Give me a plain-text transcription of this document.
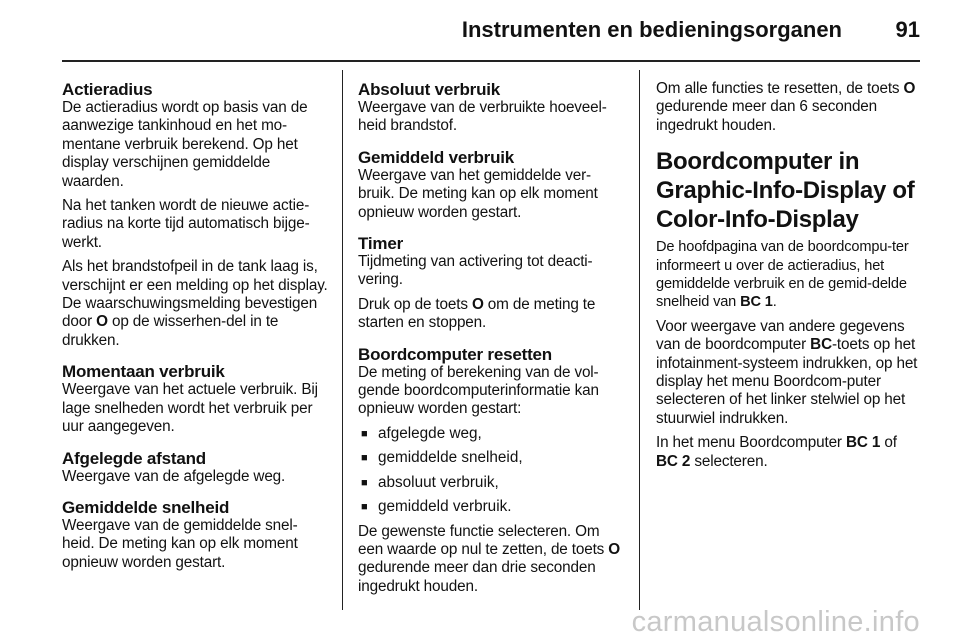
Instrumenten en bedieningsorganen 91
Actieradius

De actieradius wordt op basis van de aanwezige tankinhoud en het mo-mentane verbruik berekend. Op het display verschijnen gemiddelde waarden.

Na het tanken wordt de nieuwe actie-radius na korte tijd automatisch bijge-werkt.

Als het brandstofpeil in de tank laag is, verschijnt er een melding op het display. De waarschuwingsmelding bevestigen door O op de wisserhen-del in te drukken.

Momentaan verbruik

Weergave van het actuele verbruik. Bij lage snelheden wordt het verbruik per uur aangegeven.

Afgelegde afstand

Weergave van de afgelegde weg.

Gemiddelde snelheid

Weergave van de gemiddelde snel-heid. De meting kan op elk moment opnieuw worden gestart.

Absoluut verbruik

Weergave van de verbruikte hoeveel-heid brandstof.

Gemiddeld verbruik

Weergave van het gemiddelde ver-bruik. De meting kan op elk moment opnieuw worden gestart.

Timer

Tijdmeting van activering tot deacti-vering.

Druk op de toets O om de meting te starten en stoppen.

Boordcomputer resetten

De meting of berekening van de vol-gende boordcomputerinformatie kan opnieuw worden gestart:

■ afgelegde weg,
■ gemiddelde snelheid,
■ absoluut verbruik,
■ gemiddeld verbruik.

De gewenste functie selecteren. Om een waarde op nul te zetten, de toets O gedurende meer dan drie seconden ingedrukt houden.

Om alle functies te resetten, de toets O gedurende meer dan 6 seconden ingedrukt houden.

Boordcomputer in Graphic-Info-Display of Color-Info-Display

De hoofdpagina van de boordcompu-ter informeert u over de actieradius, het gemiddelde verbruik en de gemid-delde snelheid van BC 1.

Voor weergave van andere gegevens van de boordcomputer BC-toets op het infotainment-systeem indrukken, op het display het menu Boordcom-puter selecteren of het linker stelwiel op het stuurwiel indrukken.

In het menu Boordcomputer BC 1 of BC 2 selecteren.

carmanualsonline.info
